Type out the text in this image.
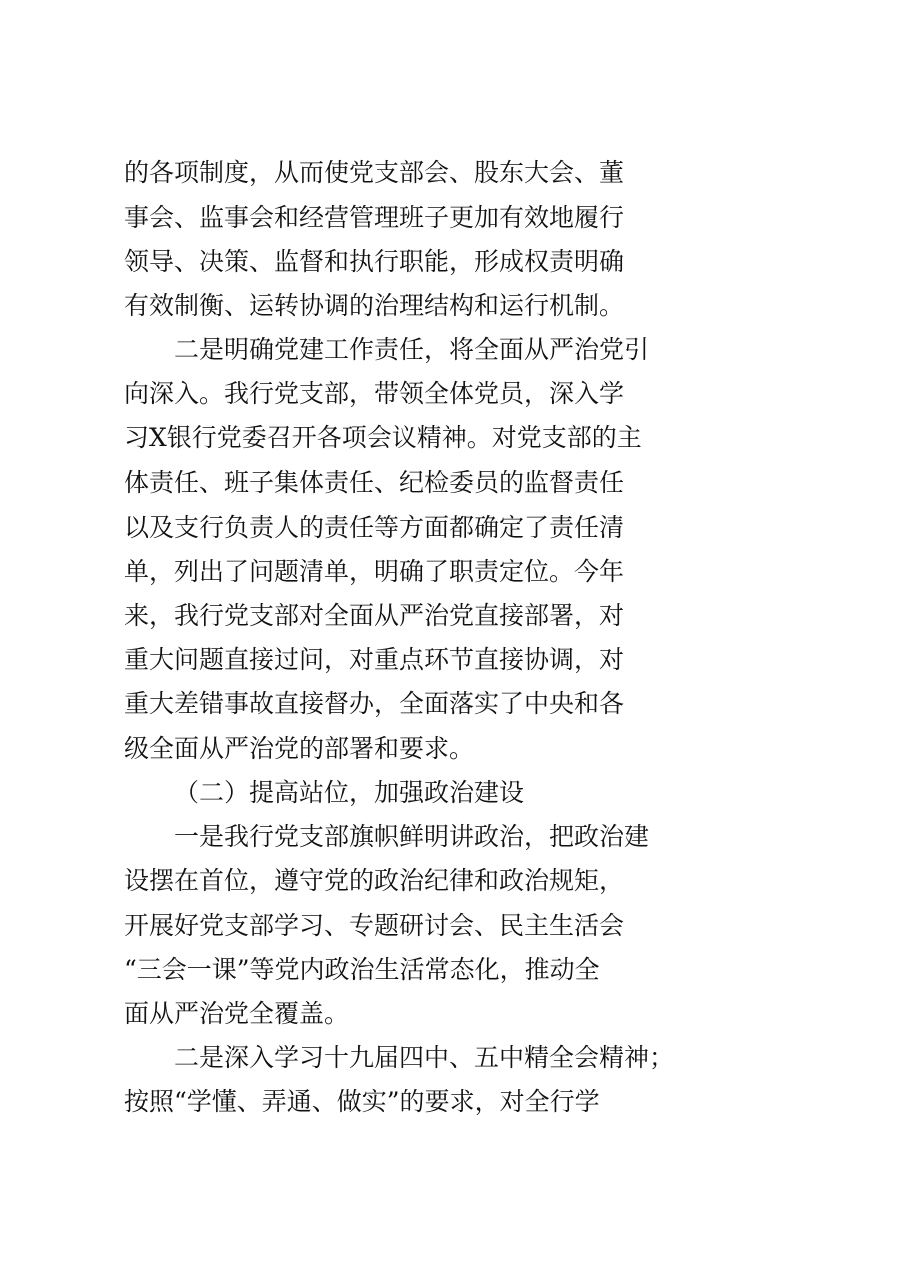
的各项制度，从而使党支部会、股东大会、董
事会、监事会和经营管理班子更加有效地履行
领导、决策、监督和执行职能，形成权责明确
有效制衡、运转协调的治理结构和运行机制。
二是明确党建工作责任，将全面从严治党引
向深入。我行党支部，带领全体党员，深入学
习X银行党委召开各项会议精神。对党支部的主
体责任、班子集体责任、纪检委员的监督责任
以及支行负责人的责任等方面都确定了责任清
单，列出了问题清单，明确了职责定位。今年
来，我行党支部对全面从严治党直接部署，对
重大问题直接过问，对重点环节直接协调，对
重大差错事故直接督办，全面落实了中央和各
级全面从严治党的部署和要求。
（二）提高站位，加强政治建设
一是我行党支部旗帜鲜明讲政治，把政治建
设摆在首位，遵守党的政治纪律和政治规矩，
开展好党支部学习、专题研讨会、民主生活会
“三会一课”等党内政治生活常态化，推动全
面从严治党全覆盖。
二是深入学习十九届四中、五中精全会精神；
按照“学懂、弄通、做实”的要求，对全行学
